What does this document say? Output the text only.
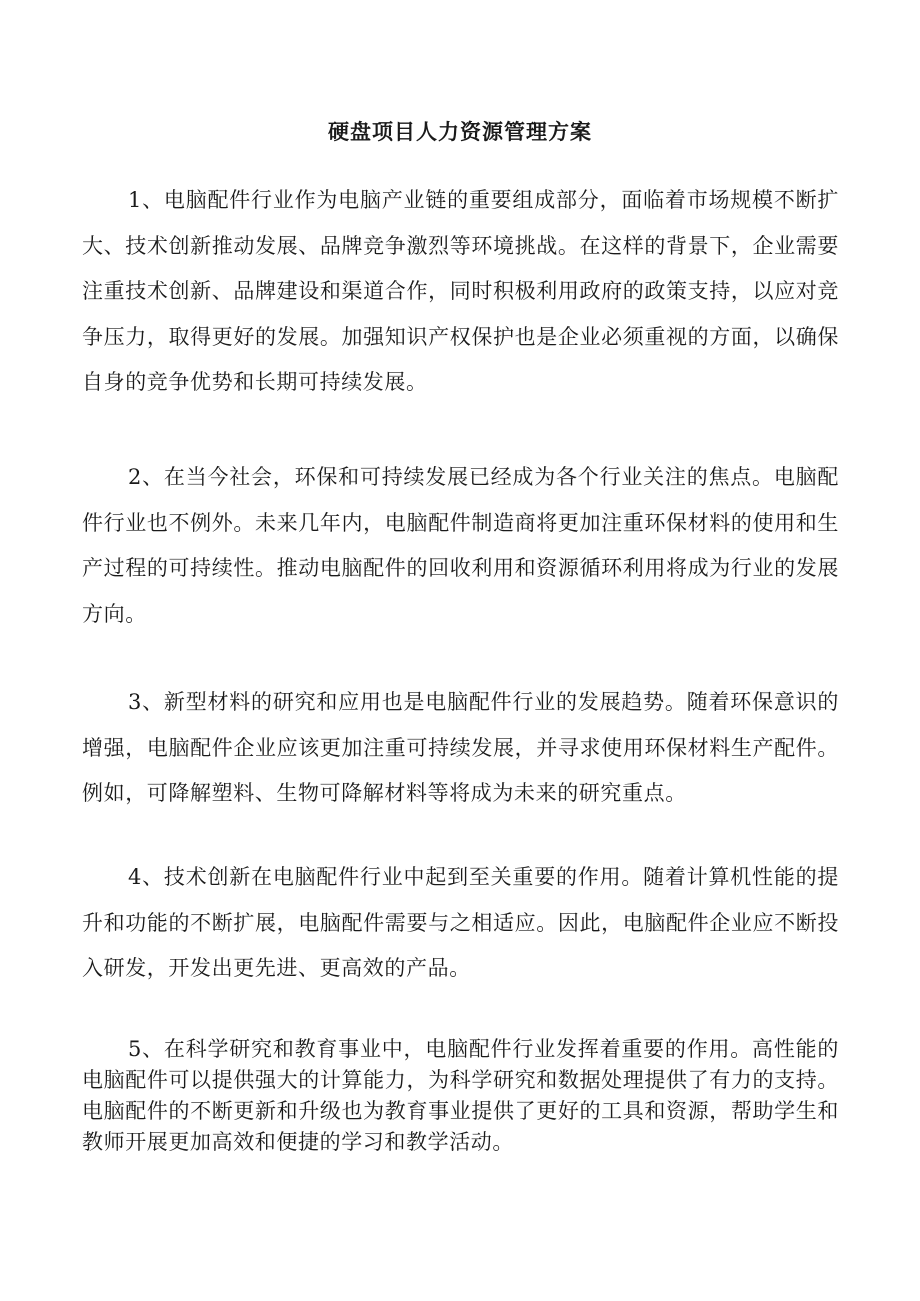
硬盘项目人力资源管理方案

1、电脑配件行业作为电脑产业链的重要组成部分，面临着市场规模不断扩大、技术创新推动发展、品牌竞争激烈等环境挑战。在这样的背景下，企业需要注重技术创新、品牌建设和渠道合作，同时积极利用政府的政策支持，以应对竞争压力，取得更好的发展。加强知识产权保护也是企业必须重视的方面，以确保自身的竞争优势和长期可持续发展。

2、在当今社会，环保和可持续发展已经成为各个行业关注的焦点。电脑配件行业也不例外。未来几年内，电脑配件制造商将更加注重环保材料的使用和生产过程的可持续性。推动电脑配件的回收利用和资源循环利用将成为行业的发展方向。

3、新型材料的研究和应用也是电脑配件行业的发展趋势。随着环保意识的增强，电脑配件企业应该更加注重可持续发展，并寻求使用环保材料生产配件。例如，可降解塑料、生物可降解材料等将成为未来的研究重点。

4、技术创新在电脑配件行业中起到至关重要的作用。随着计算机性能的提升和功能的不断扩展，电脑配件需要与之相适应。因此，电脑配件企业应不断投入研发，开发出更先进、更高效的产品。

5、在科学研究和教育事业中，电脑配件行业发挥着重要的作用。高性能的电脑配件可以提供强大的计算能力，为科学研究和数据处理提供了有力的支持。电脑配件的不断更新和升级也为教育事业提供了更好的工具和资源，帮助学生和教师开展更加高效和便捷的学习和教学活动。
